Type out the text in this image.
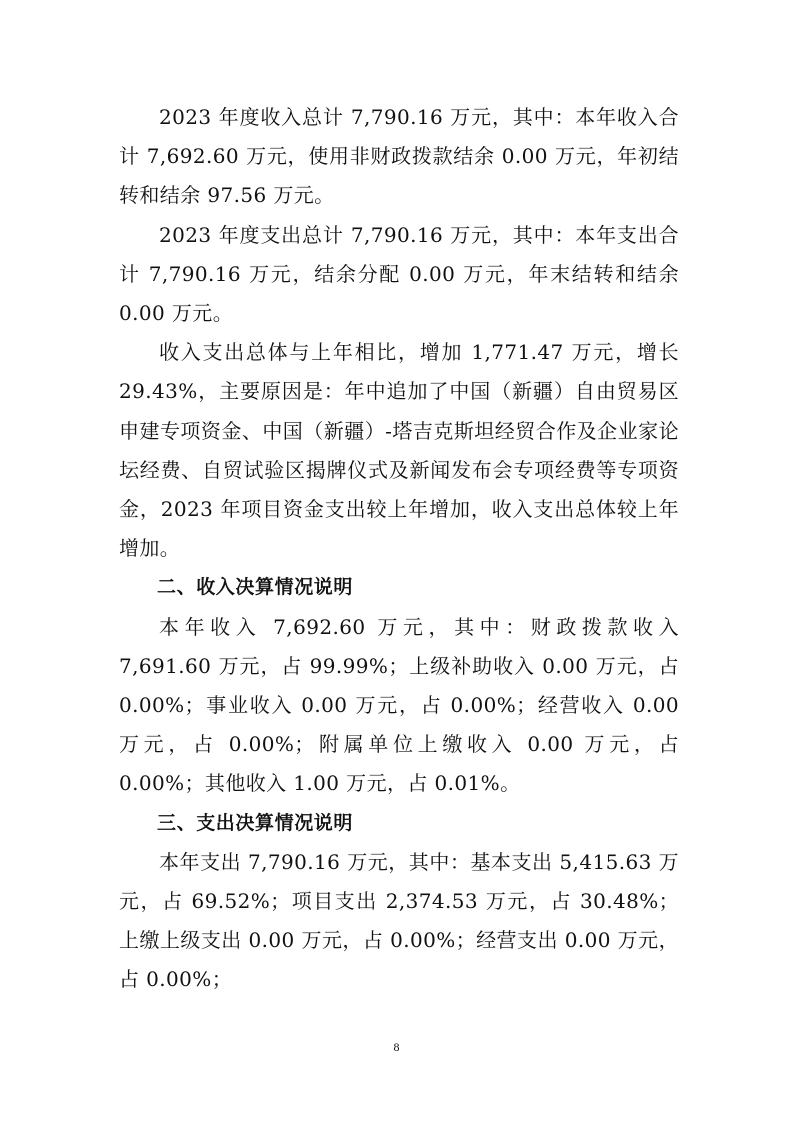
2023 年度收入总计 7,790.16 万元，其中：本年收入合计 7,692.60 万元，使用非财政拨款结余 0.00 万元，年初结转和结余 97.56 万元。

2023 年度支出总计 7,790.16 万元，其中：本年支出合计 7,790.16 万元，结余分配 0.00 万元，年末结转和结余 0.00 万元。

收入支出总体与上年相比，增加 1,771.47 万元，增长 29.43%，主要原因是：年中追加了中国（新疆）自由贸易区申建专项资金、中国（新疆）-塔吉克斯坦经贸合作及企业家论坛经费、自贸试验区揭牌仪式及新闻发布会专项经费等专项资金，2023 年项目资金支出较上年增加，收入支出总体较上年增加。

二、收入决算情况说明

本年收入 7,692.60 万元，其中：财政拨款收入 7,691.60 万元，占 99.99%；上级补助收入 0.00 万元，占 0.00%；事业收入 0.00 万元，占 0.00%；经营收入 0.00 万元，占 0.00%；附属单位上缴收入 0.00 万元，占 0.00%；其他收入 1.00 万元，占 0.01%。

三、支出决算情况说明

本年支出 7,790.16 万元，其中：基本支出 5,415.63 万元，占 69.52%；项目支出 2,374.53 万元，占 30.48%；上缴上级支出 0.00 万元，占 0.00%；经营支出 0.00 万元，占 0.00%；

8
